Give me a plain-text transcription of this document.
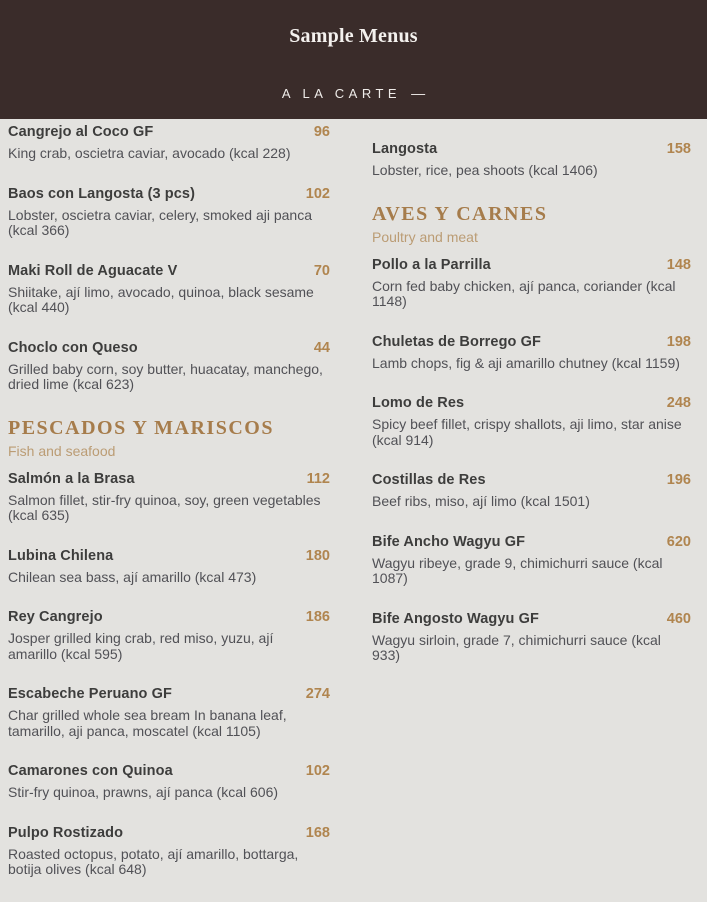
Sample Menus
A LA CARTE —
Cangrejo al Coco GF	96
King crab, oscietra caviar, avocado (kcal 228)
Baos con Langosta (3 pcs)	102
Lobster, oscietra caviar, celery, smoked aji panca (kcal 366)
Maki Roll de Aguacate V	70
Shiitake, ají limo, avocado, quinoa, black sesame (kcal 440)
Choclo con Queso	44
Grilled baby corn, soy butter, huacatay, manchego, dried lime (kcal 623)
PESCADOS Y MARISCOS
Fish and seafood
Salmón a la Brasa	112
Salmon fillet, stir-fry quinoa, soy, green vegetables (kcal 635)
Lubina Chilena	180
Chilean sea bass, ají amarillo (kcal 473)
Rey Cangrejo	186
Josper grilled king crab, red miso, yuzu, ají amarillo (kcal 595)
Escabeche Peruano GF	274
Char grilled whole sea bream In banana leaf, tamarillo, aji panca, moscatel (kcal 1105)
Camarones con Quinoa	102
Stir-fry quinoa, prawns, ají panca (kcal 606)
Pulpo Rostizado	168
Roasted octopus, potato, ají amarillo, bottarga, botija olives (kcal 648)
Langosta	158
Lobster, rice, pea shoots (kcal 1406)
AVES Y CARNES
Poultry and meat
Pollo a la Parrilla	148
Corn fed baby chicken, ají panca, coriander (kcal 1148)
Chuletas de Borrego GF	198
Lamb chops, fig & aji amarillo chutney (kcal 1159)
Lomo de Res	248
Spicy beef fillet, crispy shallots, aji limo, star anise (kcal 914)
Costillas de Res	196
Beef ribs, miso, ají limo (kcal 1501)
Bife Ancho Wagyu GF	620
Wagyu ribeye, grade 9, chimichurri sauce (kcal 1087)
Bife Angosto Wagyu GF	460
Wagyu sirloin, grade 7, chimichurri sauce (kcal 933)
